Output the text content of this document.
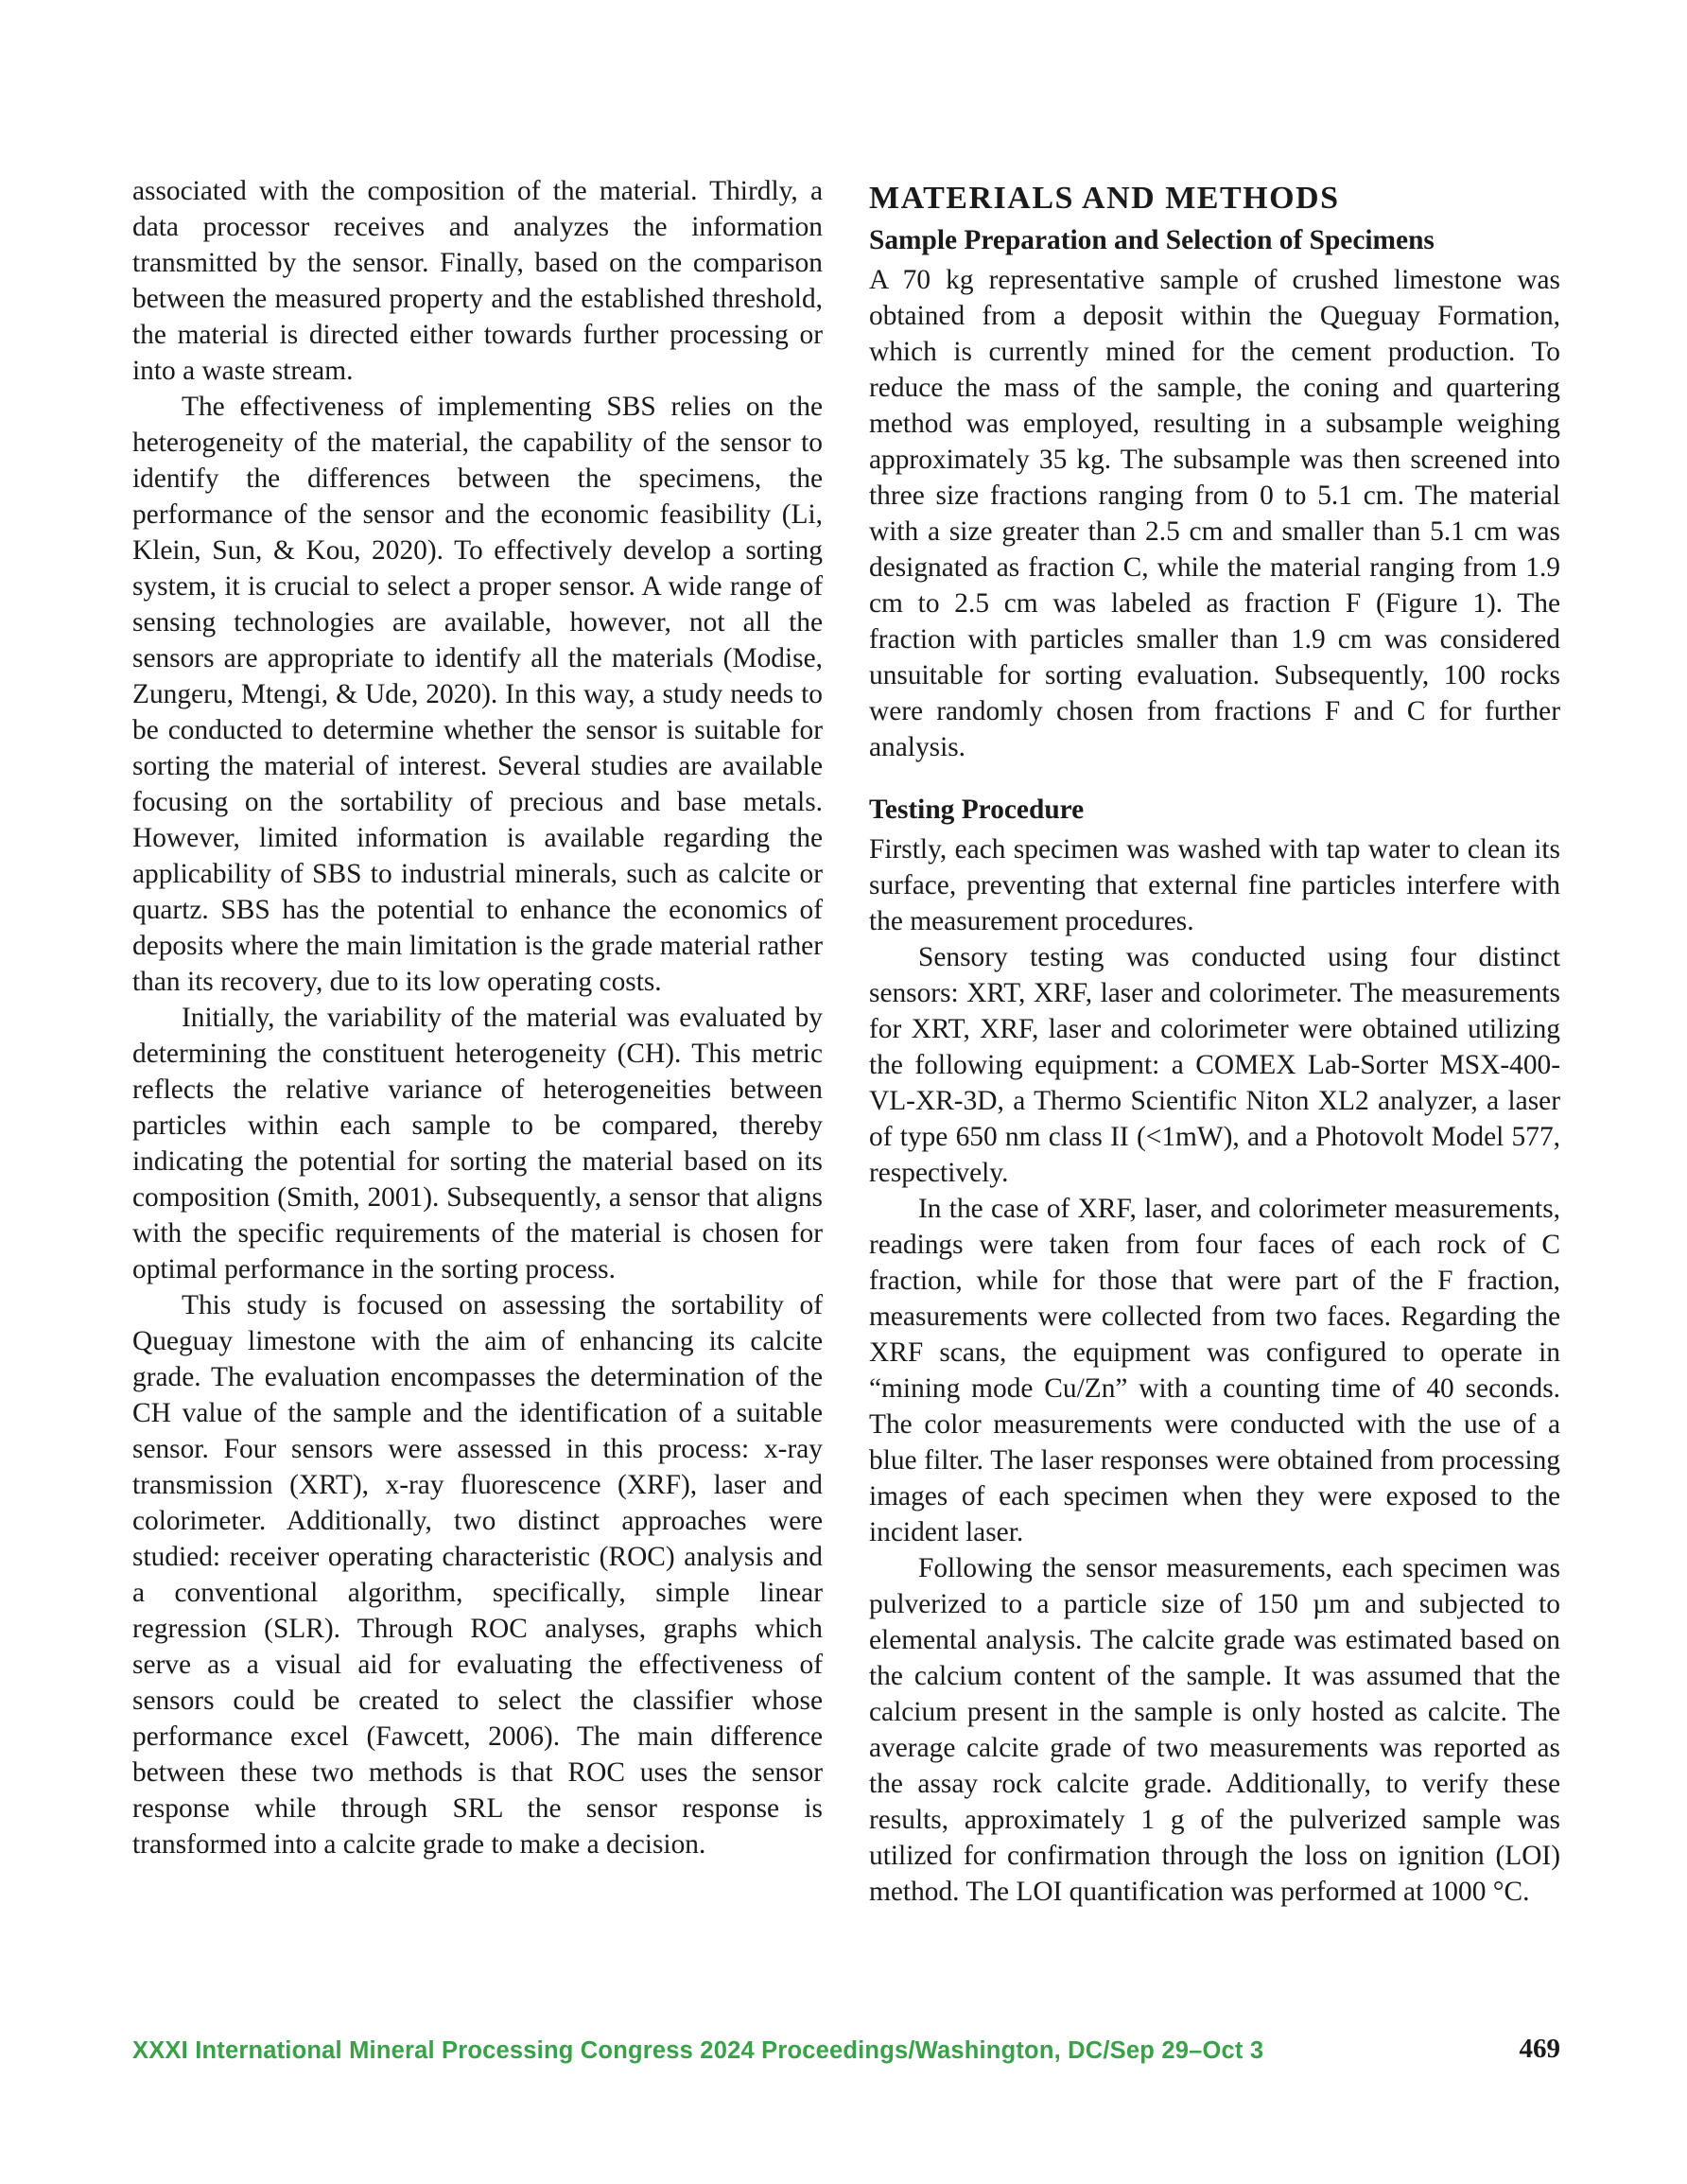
associated with the composition of the material. Thirdly, a data processor receives and analyzes the information transmitted by the sensor. Finally, based on the comparison between the measured property and the established threshold, the material is directed either towards further processing or into a waste stream.

The effectiveness of implementing SBS relies on the heterogeneity of the material, the capability of the sensor to identify the differences between the specimens, the performance of the sensor and the economic feasibility (Li, Klein, Sun, & Kou, 2020). To effectively develop a sorting system, it is crucial to select a proper sensor. A wide range of sensing technologies are available, however, not all the sensors are appropriate to identify all the materials (Modise, Zungeru, Mtengi, & Ude, 2020). In this way, a study needs to be conducted to determine whether the sensor is suitable for sorting the material of interest. Several studies are available focusing on the sortability of precious and base metals. However, limited information is available regarding the applicability of SBS to industrial minerals, such as calcite or quartz. SBS has the potential to enhance the economics of deposits where the main limitation is the grade material rather than its recovery, due to its low operating costs.

Initially, the variability of the material was evaluated by determining the constituent heterogeneity (CH). This metric reflects the relative variance of heterogeneities between particles within each sample to be compared, thereby indicating the potential for sorting the material based on its composition (Smith, 2001). Subsequently, a sensor that aligns with the specific requirements of the material is chosen for optimal performance in the sorting process.

This study is focused on assessing the sortability of Queguay limestone with the aim of enhancing its calcite grade. The evaluation encompasses the determination of the CH value of the sample and the identification of a suitable sensor. Four sensors were assessed in this process: x-ray transmission (XRT), x-ray fluorescence (XRF), laser and colorimeter. Additionally, two distinct approaches were studied: receiver operating characteristic (ROC) analysis and a conventional algorithm, specifically, simple linear regression (SLR). Through ROC analyses, graphs which serve as a visual aid for evaluating the effectiveness of sensors could be created to select the classifier whose performance excel (Fawcett, 2006). The main difference between these two methods is that ROC uses the sensor response while through SRL the sensor response is transformed into a calcite grade to make a decision.

MATERIALS AND METHODS
Sample Preparation and Selection of Specimens

A 70 kg representative sample of crushed limestone was obtained from a deposit within the Queguay Formation, which is currently mined for the cement production. To reduce the mass of the sample, the coning and quartering method was employed, resulting in a subsample weighing approximately 35 kg. The subsample was then screened into three size fractions ranging from 0 to 5.1 cm. The material with a size greater than 2.5 cm and smaller than 5.1 cm was designated as fraction C, while the material ranging from 1.9 cm to 2.5 cm was labeled as fraction F (Figure 1). The fraction with particles smaller than 1.9 cm was considered unsuitable for sorting evaluation. Subsequently, 100 rocks were randomly chosen from fractions F and C for further analysis.

Testing Procedure

Firstly, each specimen was washed with tap water to clean its surface, preventing that external fine particles interfere with the measurement procedures.

Sensory testing was conducted using four distinct sensors: XRT, XRF, laser and colorimeter. The measurements for XRT, XRF, laser and colorimeter were obtained utilizing the following equipment: a COMEX Lab-Sorter MSX-400-VL-XR-3D, a Thermo Scientific Niton XL2 analyzer, a laser of type 650 nm class II (<1mW), and a Photovolt Model 577, respectively.

In the case of XRF, laser, and colorimeter measurements, readings were taken from four faces of each rock of C fraction, while for those that were part of the F fraction, measurements were collected from two faces. Regarding the XRF scans, the equipment was configured to operate in “mining mode Cu/Zn” with a counting time of 40 seconds. The color measurements were conducted with the use of a blue filter. The laser responses were obtained from processing images of each specimen when they were exposed to the incident laser.

Following the sensor measurements, each specimen was pulverized to a particle size of 150 µm and subjected to elemental analysis. The calcite grade was estimated based on the calcium content of the sample. It was assumed that the calcium present in the sample is only hosted as calcite. The average calcite grade of two measurements was reported as the assay rock calcite grade. Additionally, to verify these results, approximately 1 g of the pulverized sample was utilized for confirmation through the loss on ignition (LOI) method. The LOI quantification was performed at 1000 °C.

XXXI International Mineral Processing Congress 2024 Proceedings/Washington, DC/Sep 29–Oct 3	469
